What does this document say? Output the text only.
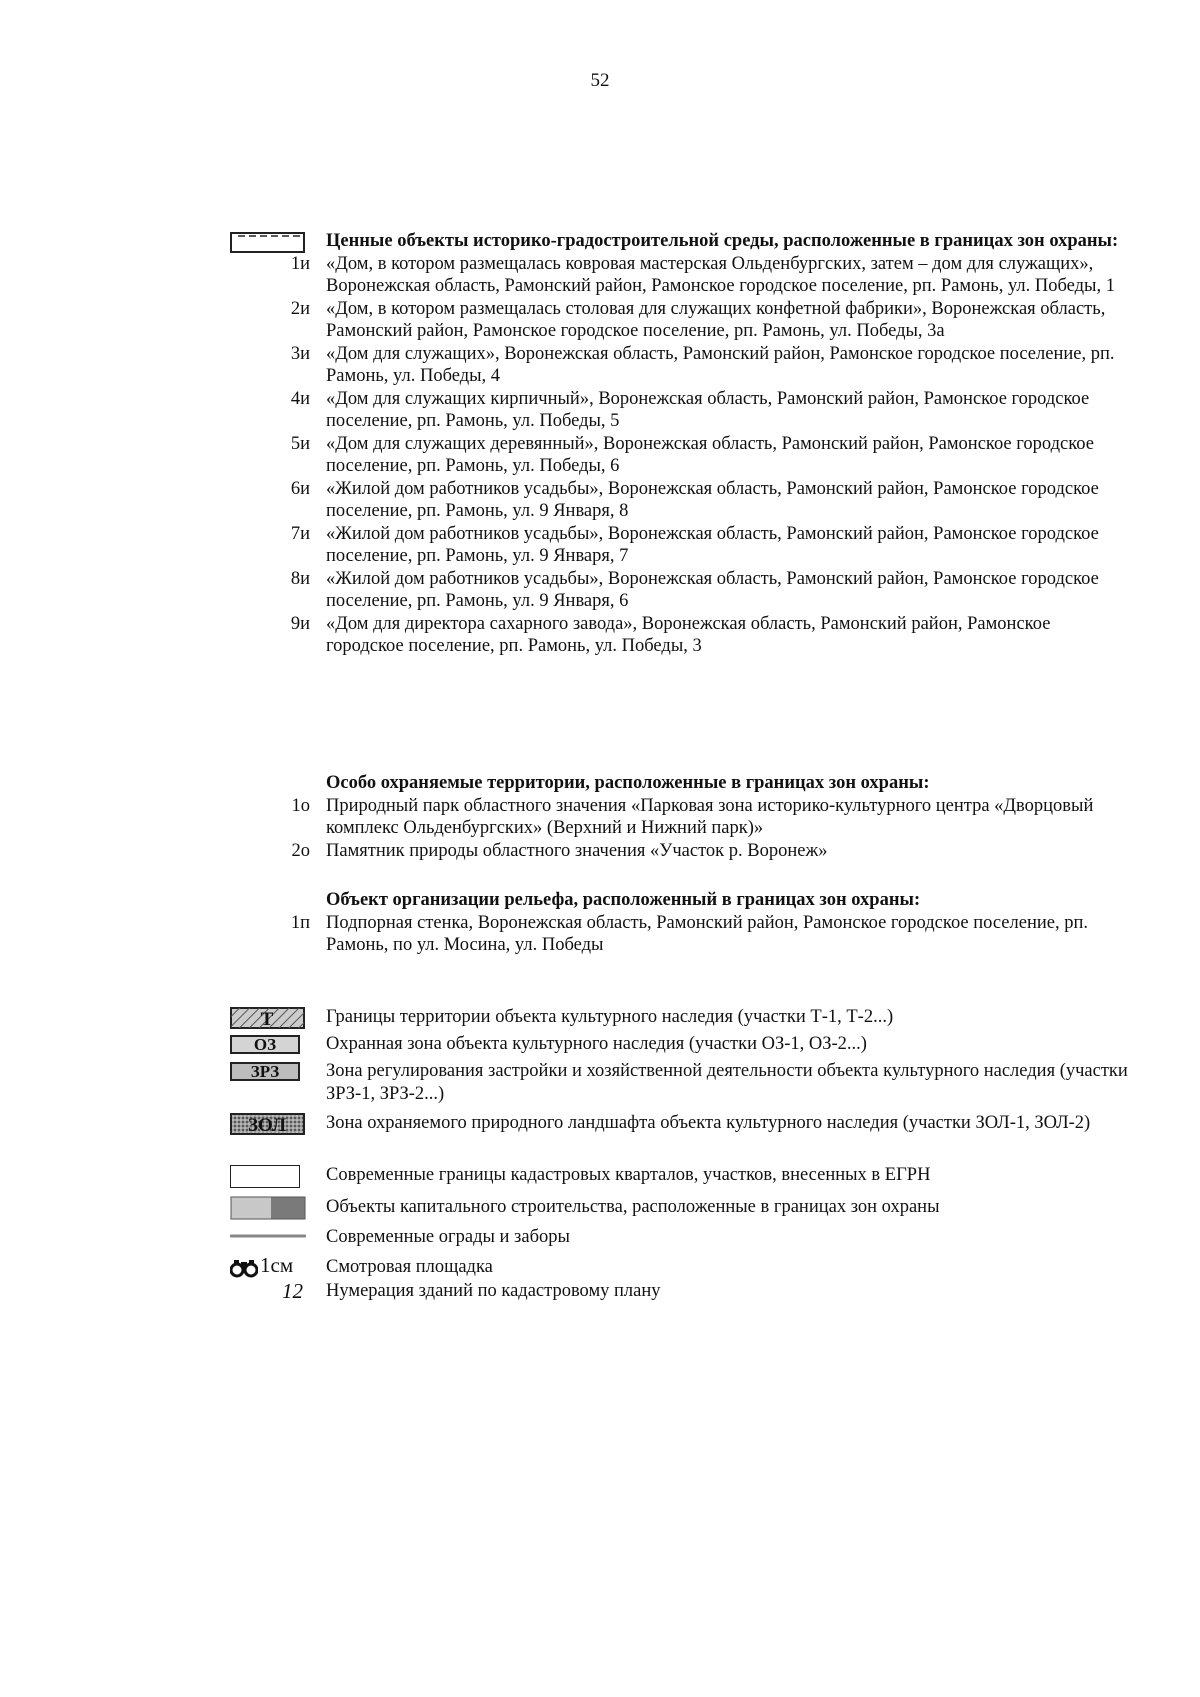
52
Ценные объекты историко-градостроительной среды, расположенные в границах зон охраны:
1и «Дом, в котором размещалась ковровая мастерская Ольденбургских, затем – дом для служащих», Воронежская область, Рамонский район, Рамонское городское поселение, рп. Рамонь, ул. Победы, 1
2и «Дом, в котором размещалась столовая для служащих конфетной фабрики», Воронежская область, Рамонский район, Рамонское городское поселение, рп. Рамонь, ул. Победы, 3а
3и «Дом для служащих», Воронежская область, Рамонский район, Рамонское городское поселение, рп. Рамонь, ул. Победы, 4
4и «Дом для служащих кирпичный», Воронежская область, Рамонский район, Рамонское городское поселение, рп. Рамонь, ул. Победы, 5
5и «Дом для служащих деревянный», Воронежская область, Рамонский район, Рамонское городское поселение, рп. Рамонь, ул. Победы, 6
6и «Жилой дом работников усадьбы», Воронежская область, Рамонский район, Рамонское городское поселение, рп. Рамонь, ул. 9 Января, 8
7и «Жилой дом работников усадьбы», Воронежская область, Рамонский район, Рамонское городское поселение, рп. Рамонь, ул. 9 Января, 7
8и «Жилой дом работников усадьбы», Воронежская область, Рамонский район, Рамонское городское поселение, рп. Рамонь, ул. 9 Января, 6
9и «Дом для директора сахарного завода», Воронежская область, Рамонский район, Рамонское городское поселение, рп. Рамонь, ул. Победы, 3
Особо охраняемые территории, расположенные в границах зон охраны:
1о Природный парк областного значения «Парковая зона историко-культурного центра «Дворцовый комплекс Ольденбургских» (Верхний и Нижний парк)»
2о Памятник природы областного значения «Участок р. Воронеж»
Объект организации рельефа, расположенный в границах зон охраны:
1п Подпорная стенка, Воронежская область, Рамонский район, Рамонское городское поселение, рп. Рамонь, по ул. Мосина, ул. Победы
Т	Границы территории объекта культурного наследия (участки Т-1, Т-2...)
ОЗ	Охранная зона объекта культурного наследия (участки ОЗ-1, ОЗ-2...)
ЗРЗ	Зона регулирования застройки и хозяйственной деятельности объекта культурного наследия (участки ЗРЗ-1, ЗРЗ-2...)
ЗОЛ Зона охраняемого природного ландшафта объекта культурного наследия (участки ЗОЛ-1, ЗОЛ-2)
Современные границы кадастровых кварталов, участков, внесенных в ЕГРН
Объекты капитального строительства, расположенные в границах зон охраны
Современные ограды и заборы
1см Смотровая площадка
12 Нумерация зданий по кадастровому плану
